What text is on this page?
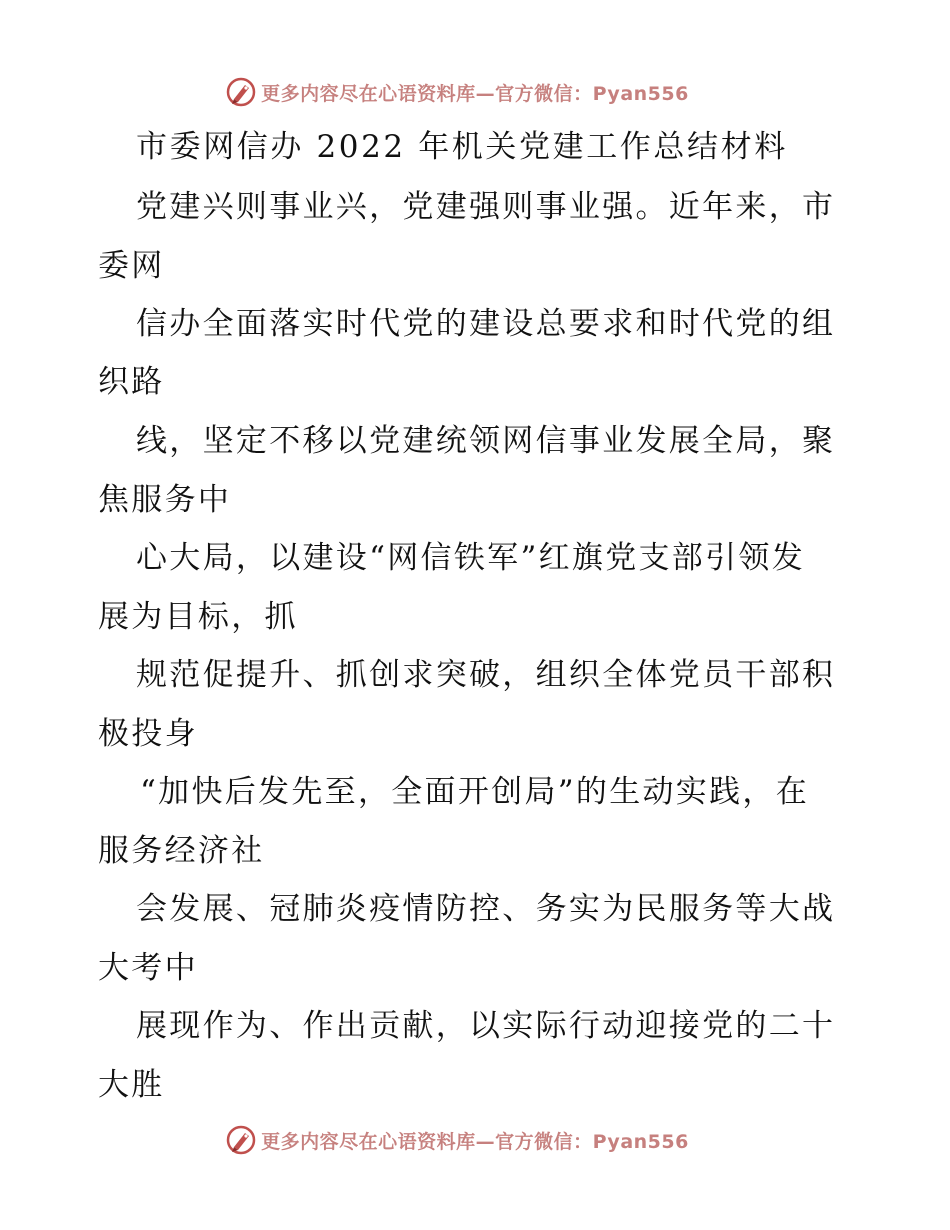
更多内容尽在心语资料库—官方微信：Pyan556
市委网信办 2022 年机关党建工作总结材料
党建兴则事业兴，党建强则事业强。近年来，市
委网
信办全面落实时代党的建设总要求和时代党的组
织路
线，坚定不移以党建统领网信事业发展全局，聚
焦服务中
心大局，以建设“网信铁军”红旗党支部引领发
展为目标，抓
规范促提升、抓创求突破，组织全体党员干部积
极投身
“加快后发先至，全面开创局”的生动实践，在
服务经济社
会发展、冠肺炎疫情防控、务实为民服务等大战
大考中
展现作为、作出贡献，以实际行动迎接党的二十
大胜
更多内容尽在心语资料库—官方微信：Pyan556
